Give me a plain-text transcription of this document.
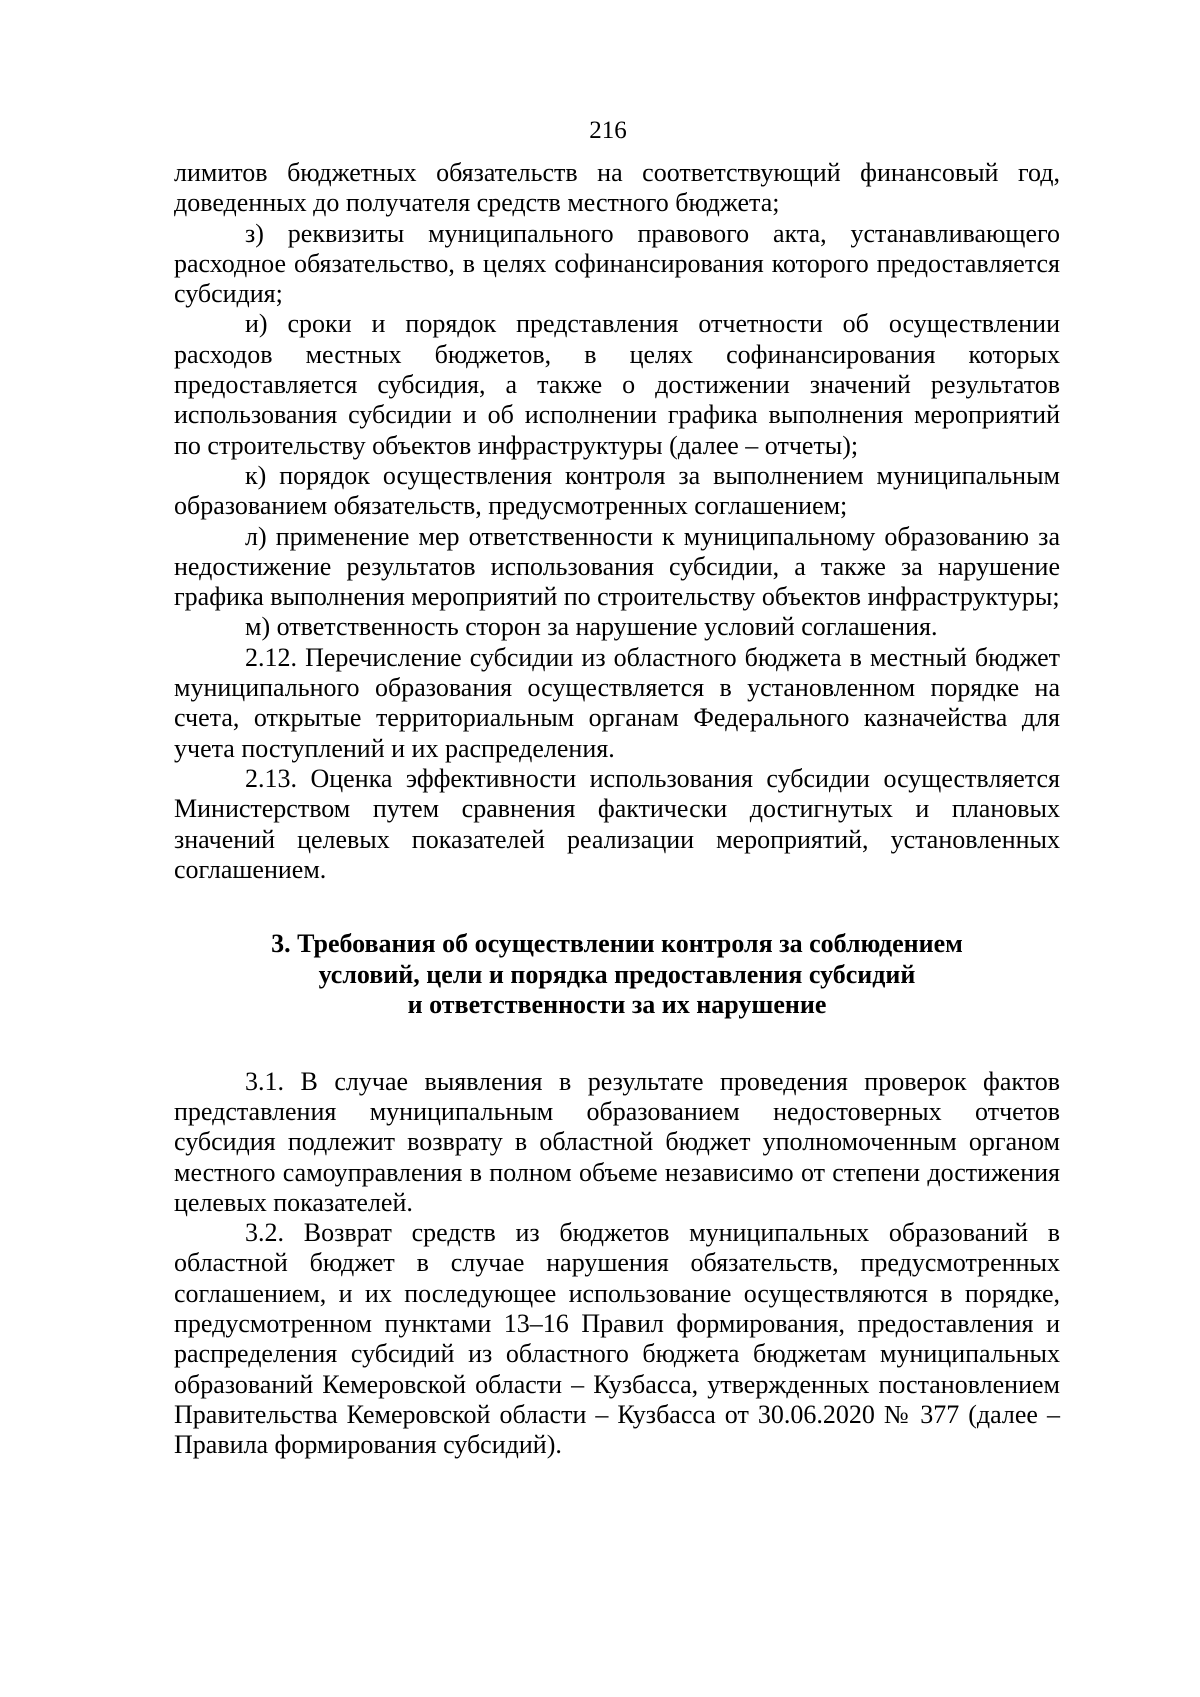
216

лимитов бюджетных обязательств на соответствующий финансовый год, доведенных до получателя средств местного бюджета;

з) реквизиты муниципального правового акта, устанавливающего расходное обязательство, в целях софинансирования которого предоставляется субсидия;

и) сроки и порядок представления отчетности об осуществлении расходов местных бюджетов, в целях софинансирования которых предоставляется субсидия, а также о достижении значений результатов использования субсидии и об исполнении графика выполнения мероприятий по строительству объектов инфраструктуры (далее – отчеты);

к) порядок осуществления контроля за выполнением муниципальным образованием обязательств, предусмотренных соглашением;

л) применение мер ответственности к муниципальному образованию за недостижение результатов использования субсидии, а также за нарушение графика выполнения мероприятий по строительству объектов инфраструктуры;

м) ответственность сторон за нарушение условий соглашения.

2.12. Перечисление субсидии из областного бюджета в местный бюджет муниципального образования осуществляется в установленном порядке на счета, открытые территориальным органам Федерального казначейства для учета поступлений и их распределения.

2.13. Оценка эффективности использования субсидии осуществляется Министерством путем сравнения фактически достигнутых и плановых значений целевых показателей реализации мероприятий, установленных соглашением.

3. Требования об осуществлении контроля за соблюдением
условий, цели и порядка предоставления субсидий
и ответственности за их нарушение

3.1. В случае выявления в результате проведения проверок фактов представления муниципальным образованием недостоверных отчетов субсидия подлежит возврату в областной бюджет уполномоченным органом местного самоуправления в полном объеме независимо от степени достижения целевых показателей.

3.2. Возврат средств из бюджетов муниципальных образований в областной бюджет в случае нарушения обязательств, предусмотренных соглашением, и их последующее использование осуществляются в порядке, предусмотренном пунктами 13–16 Правил формирования, предоставления и распределения субсидий из областного бюджета бюджетам муниципальных образований Кемеровской области – Кузбасса, утвержденных постановлением Правительства Кемеровской области – Кузбасса от 30.06.2020 № 377 (далее – Правила формирования субсидий).
